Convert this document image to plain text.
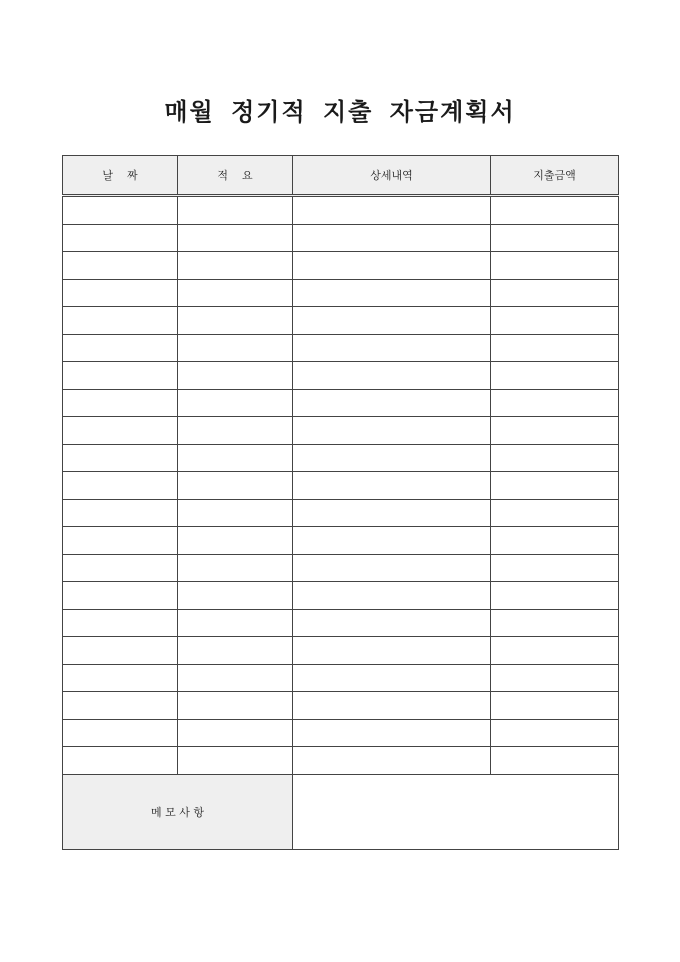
매월 정기적 지출 자금계획서
날    짜	적    요	상세내역	지출금액

메 모 사 항			
